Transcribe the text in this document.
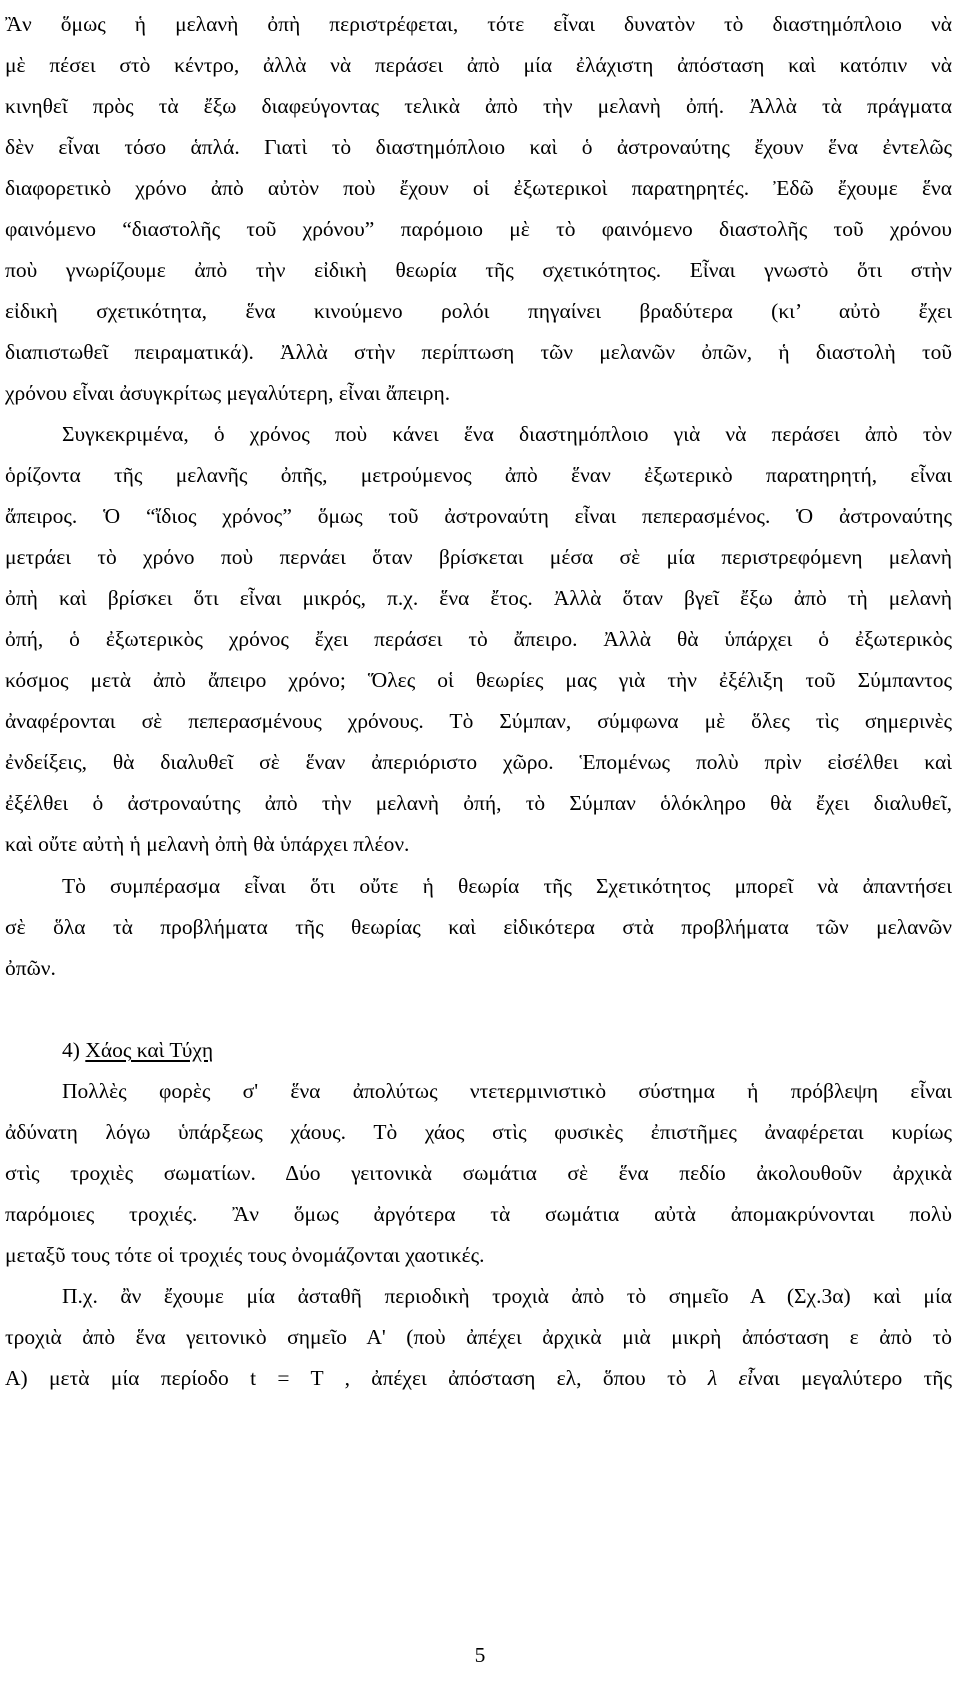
Ἂν ὅμως ἡ μελανὴ ὀπὴ περιστρέφεται, τότε εἶναι δυνατὸν τὸ διαστημόπλοιο νὰ
μὲ πέσει στὸ κέντρο, ἀλλὰ νὰ περάσει ἀπὸ μία ἐλάχιστη ἀπόσταση καὶ κατόπιν νὰ
κινηθεῖ πρὸς τὰ ἔξω διαφεύγοντας τελικὰ ἀπὸ τὴν μελανὴ ὀπή. Ἀλλὰ τὰ πράγματα
δὲν εἶναι τόσο ἁπλά. Γιατὶ τὸ διαστημόπλοιο καὶ ὁ ἀστροναύτης ἔχουν ἕνα ἐντελῶς
διαφορετικὸ χρόνο ἀπὸ αὐτὸν ποὺ ἔχουν οἱ ἐξωτερικοὶ παρατηρητές. Ἐδῶ ἔχουμε ἕνα
φαινόμενο “διαστολῆς τοῦ χρόνου” παρόμοιο μὲ τὸ φαινόμενο διαστολῆς τοῦ χρόνου
ποὺ γνωρίζουμε ἀπὸ τὴν εἰδικὴ θεωρία τῆς σχετικότητος. Εἶναι γνωστὸ ὅτι στὴν
εἰδικὴ σχετικότητα, ἕνα κινούμενο ρολόι πηγαίνει βραδύτερα (κι’ αὐτὸ ἔχει
διαπιστωθεῖ πειραματικά). Ἀλλὰ στὴν περίπτωση τῶν μελανῶν ὀπῶν, ἡ διαστολὴ τοῦ
χρόνου εἶναι ἀσυγκρίτως μεγαλύτερη, εἶναι ἄπειρη.
Συγκεκριμένα, ὁ χρόνος ποὺ κάνει ἕνα διαστημόπλοιο γιὰ νὰ περάσει ἀπὸ τὸν
ὁρίζοντα τῆς μελανῆς ὀπῆς, μετρούμενος ἀπὸ ἕναν ἐξωτερικὸ παρατηρητή, εἶναι
ἄπειρος. Ὁ “ἴδιος χρόνος” ὅμως τοῦ ἀστροναύτη εἶναι πεπερασμένος. Ὁ ἀστροναύτης
μετράει τὸ χρόνο ποὺ περνάει ὅταν βρίσκεται μέσα σὲ μία περιστρεφόμενη μελανὴ
ὀπὴ καὶ βρίσκει ὅτι εἶναι μικρός, π.χ. ἕνα ἔτος. Ἀλλὰ ὅταν βγεῖ ἔξω ἀπὸ τὴ μελανὴ
ὀπή, ὁ ἐξωτερικὸς χρόνος ἔχει περάσει τὸ ἄπειρο. Ἀλλὰ θὰ ὑπάρχει ὁ ἐξωτερικὸς
κόσμος μετὰ ἀπὸ ἄπειρο χρόνο; Ὅλες οἱ θεωρίες μας γιὰ τὴν ἐξέλιξη τοῦ Σύμπαντος
ἀναφέρονται σὲ πεπερασμένους χρόνους. Τὸ Σύμπαν, σύμφωνα μὲ ὅλες τὶς σημερινὲς
ἐνδείξεις, θὰ διαλυθεῖ σὲ ἕναν ἀπεριόριστο χῶρο. Ἑπομένως πολὺ πρὶν εἰσέλθει καὶ
ἐξέλθει ὁ ἀστροναύτης ἀπὸ τὴν μελανὴ ὀπή, τὸ Σύμπαν ὁλόκληρο θὰ ἔχει διαλυθεῖ,
καὶ οὔτε αὐτὴ ἡ μελανὴ ὀπὴ θὰ ὑπάρχει πλέον.
Τὸ συμπέρασμα εἶναι ὅτι οὔτε ἡ θεωρία τῆς Σχετικότητος μπορεῖ νὰ ἀπαντήσει
σὲ ὅλα τὰ προβλήματα τῆς θεωρίας καὶ εἰδικότερα στὰ προβλήματα τῶν μελανῶν
ὀπῶν.
4) Χάος καὶ Τύχη
Πολλὲς φορὲς σ' ἕνα ἀπολύτως ντετερμινιστικὸ σύστημα ἡ πρόβλεψη εἶναι
ἀδύνατη λόγω ὑπάρξεως χάους. Τὸ χάος στὶς φυσικὲς ἐπιστῆμες ἀναφέρεται κυρίως
στὶς τροχιὲς σωματίων. Δύο γειτονικὰ σωμάτια σὲ ἕνα πεδίο ἀκολουθοῦν ἀρχικὰ
παρόμοιες τροχιές. Ἂν ὅμως ἀργότερα τὰ σωμάτια αὐτὰ ἀπομακρύνονται πολὺ
μεταξῦ τους τότε οἱ τροχιές τους ὀνομάζονται χαοτικές.
Π.χ. ἂν ἔχουμε μία ἀσταθῆ περιοδικὴ τροχιὰ ἀπὸ τὸ σημεῖο Α (Σχ.3α) καὶ μία
τροχιὰ ἀπὸ ἕνα γειτονικὸ σημεῖο Α' (ποὺ ἀπέχει ἀρχικὰ μιὰ μικρὴ ἀπόσταση ε ἀπὸ τὸ
Α) μετὰ μία περίοδο t = T , ἀπέχει ἀπόσταση ελ, ὅπου τὸ λ εἶναι μεγαλύτερο τῆς
5
